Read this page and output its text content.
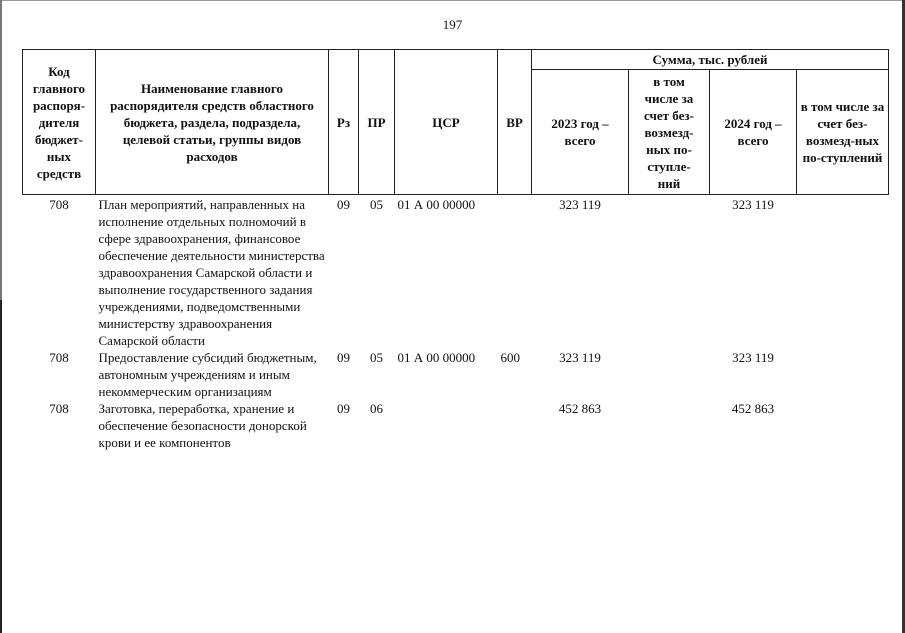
197
Код главного распоря-дителя бюджет-ных средств	Наименование главного распорядителя средств областного бюджета, раздела, подраздела, целевой статьи, группы видов расходов	Рз	ПР	ЦСР	ВР	Сумма, тыс. рублей			
						2023 год – всего	в том числе за счет без-возмезд-ных по-ступле-ний	2024 год – всего	в том числе за счет без-возмезд-ных по-ступлений
708	План мероприятий, направленных на исполнение отдельных полномочий в сфере здравоохранения, финансовое обеспечение деятельности министерства здравоохранения Самарской области и выполнение государственного задания учреждениями, подведомственными министерству здравоохранения Самарской области	09	05	01 А 00 00000		323 119		323 119	
708	Предоставление субсидий бюджетным, автономным учреждениям и иным некоммерческим организациям	09	05	01 А 00 00000	600	323 119		323 119	
708	Заготовка, переработка, хранение и обеспечение безопасности донорской крови и ее компонентов	09	06			452 863		452 863	
